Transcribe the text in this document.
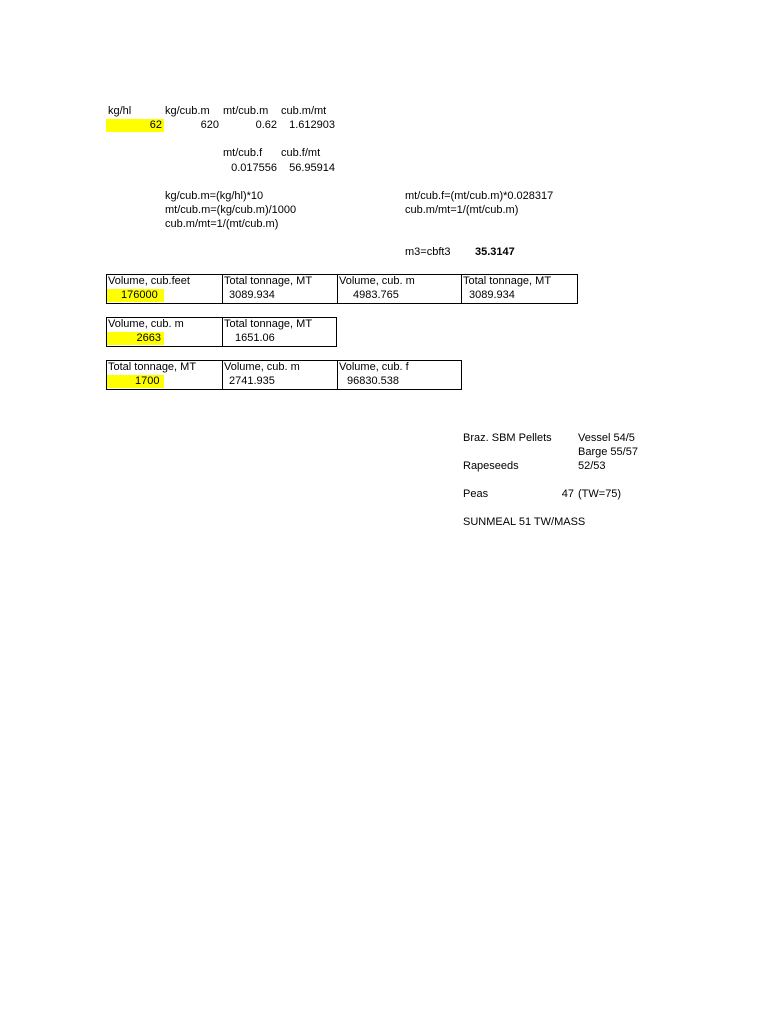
kg/hl	kg/cub.m mt/cub.m cub.m/mt
62	620	0.62	1.612903
mt/cub.f cub.f/mt
0.017556	56.95914
kg/cub.m=(kg/hl)*10
mt/cub.m=(kg/cub.m)/1000
cub.m/mt=1/(mt/cub.m)
mt/cub.f=(mt/cub.m)*0.028317
cub.m/mt=1/(mt/cub.m)
m3=cbft3 35.3147
Volume, cub.feet	Total tonnage, MT Volume, cub. m	Total tonnage, MT
176000	3089.934	4983.765	3089.934
Volume, cub. m	Total tonnage, MT
2663	1651.06
Total tonnage, MT	Volume, cub. m	Volume, cub. f
1700	2741.935	96830.538
Braz. SBM Pellets Vessel 54/5
Barge 55/57
Rapeseeds	52/53
Peas	47 (TW=75)
SUNMEAL 51 TW/MASS
